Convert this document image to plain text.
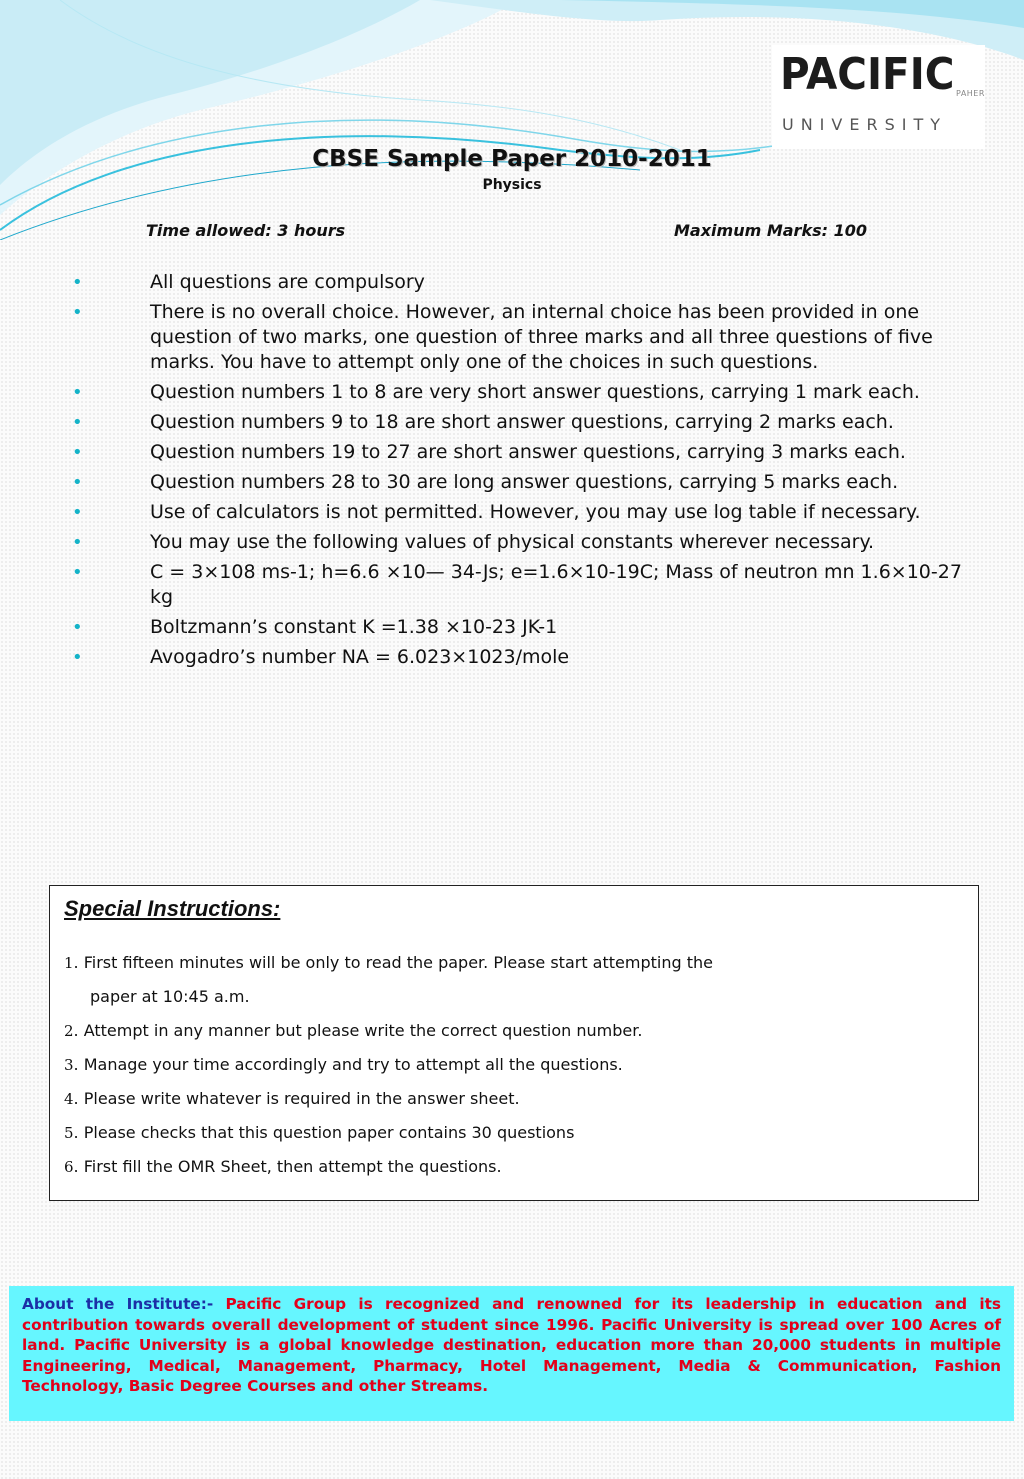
PACIFIC PAHER
UNIVERSITY
CBSE Sample Paper 2010-2011
Physics
Time allowed: 3 hours	Maximum Marks: 100
•	All questions are compulsory
•	There is no overall choice. However, an internal choice has been provided in one question of two marks, one question of three marks and all three questions of five marks. You have to attempt only one of the choices in such questions.
•	Question numbers 1 to 8 are very short answer questions, carrying 1 mark each.
•	Question numbers 9 to 18 are short answer questions, carrying 2 marks each.
•	Question numbers 19 to 27 are short answer questions, carrying 3 marks each.
•	Question numbers 28 to 30 are long answer questions, carrying 5 marks each.
•	Use of calculators is not permitted. However, you may use log table if necessary.
•	You may use the following values of physical constants wherever necessary.
•	C = 3×108 ms-1; h=6.6 ×10— 34-Js; e=1.6×10-19C; Mass of neutron mn 1.6×10-27 kg
•	Boltzmann’s constant K =1.38 ×10-23 JK-1
•	Avogadro’s number NA = 6.023×1023/mole
Special Instructions:
1. First fifteen minutes will be only to read the paper. Please start attempting the
paper at 10:45 a.m.
2. Attempt in any manner but please write the correct question number.
3. Manage your time accordingly and try to attempt all the questions.
4. Please write whatever is required in the answer sheet.
5. Please checks that this question paper contains 30 questions
6. First fill the OMR Sheet, then attempt the questions.
About the Institute:- Pacific Group is recognized and renowned for its leadership in education and its contribution towards overall development of student since 1996. Pacific University is spread over 100 Acres of land. Pacific University is a global knowledge destination, education more than 20,000 students in multiple Engineering, Medical, Management, Pharmacy, Hotel Management, Media & Communication, Fashion Technology, Basic Degree Courses and other Streams.
